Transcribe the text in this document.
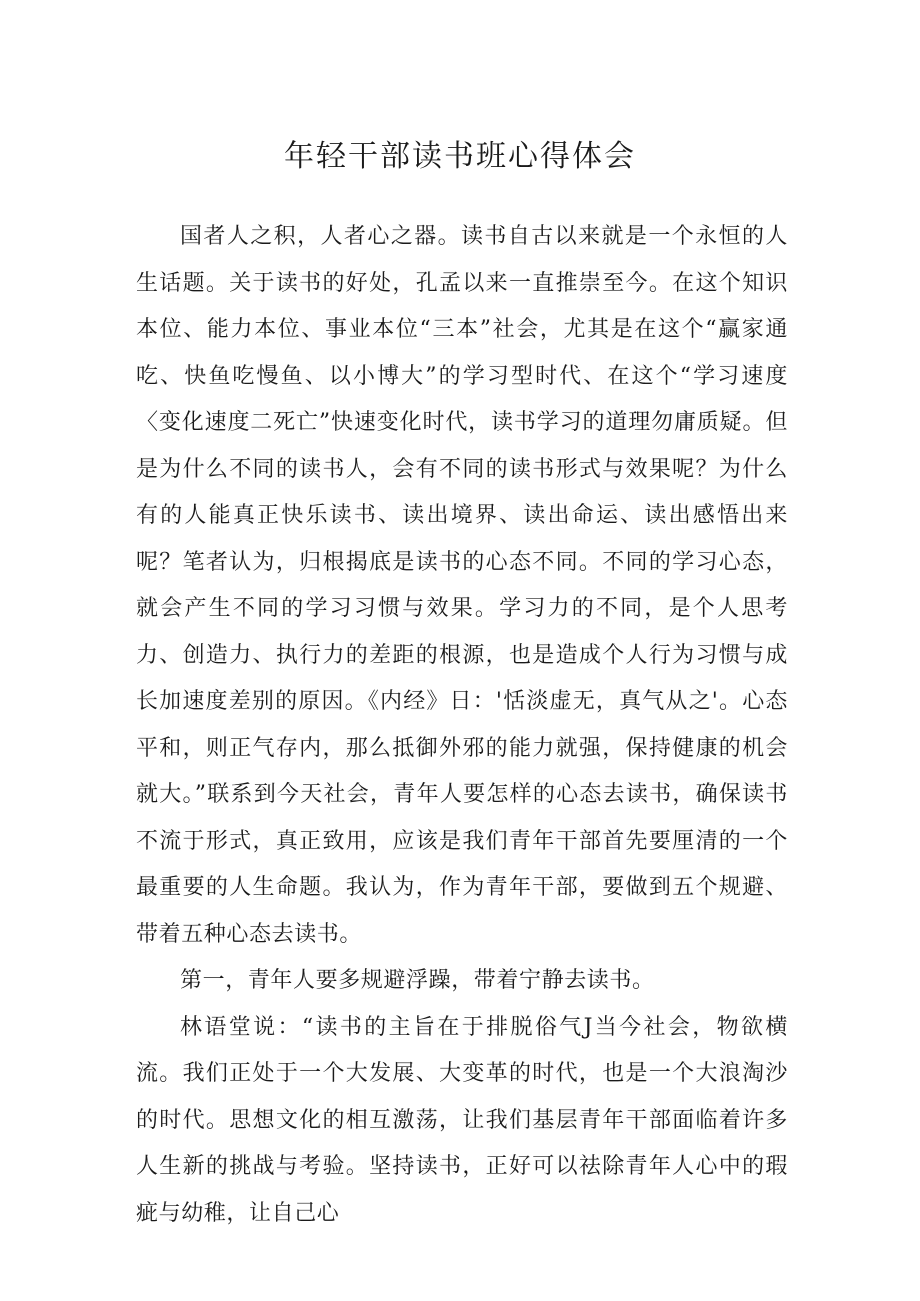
年轻干部读书班心得体会

国者人之积，人者心之器。读书自古以来就是一个永恒的人生话题。关于读书的好处，孔孟以来一直推崇至今。在这个知识本位、能力本位、事业本位“三本”社会，尤其是在这个“赢家通吃、快鱼吃慢鱼、以小博大”的学习型时代、在这个“学习速度〈变化速度二死亡”快速变化时代，读书学习的道理勿庸质疑。但是为什么不同的读书人，会有不同的读书形式与效果呢？为什么有的人能真正快乐读书、读出境界、读出命运、读出感悟出来呢？笔者认为，归根揭底是读书的心态不同。不同的学习心态，就会产生不同的学习习惯与效果。学习力的不同，是个人思考力、创造力、执行力的差距的根源，也是造成个人行为习惯与成长加速度差别的原因。《内经》日：'恬淡虚无，真气从之'。心态平和，则正气存内，那么抵御外邪的能力就强，保持健康的机会就大。”联系到今天社会，青年人要怎样的心态去读书，确保读书不流于形式，真正致用，应该是我们青年干部首先要厘清的一个最重要的人生命题。我认为，作为青年干部，要做到五个规避、带着五种心态去读书。

第一，青年人要多规避浮躁，带着宁静去读书。

林语堂说：“读书的主旨在于排脱俗气J当今社会，物欲横流。我们正处于一个大发展、大变革的时代，也是一个大浪淘沙的时代。思想文化的相互激荡，让我们基层青年干部面临着许多人生新的挑战与考验。坚持读书，正好可以祛除青年人心中的瑕疵与幼稚，让自己心
